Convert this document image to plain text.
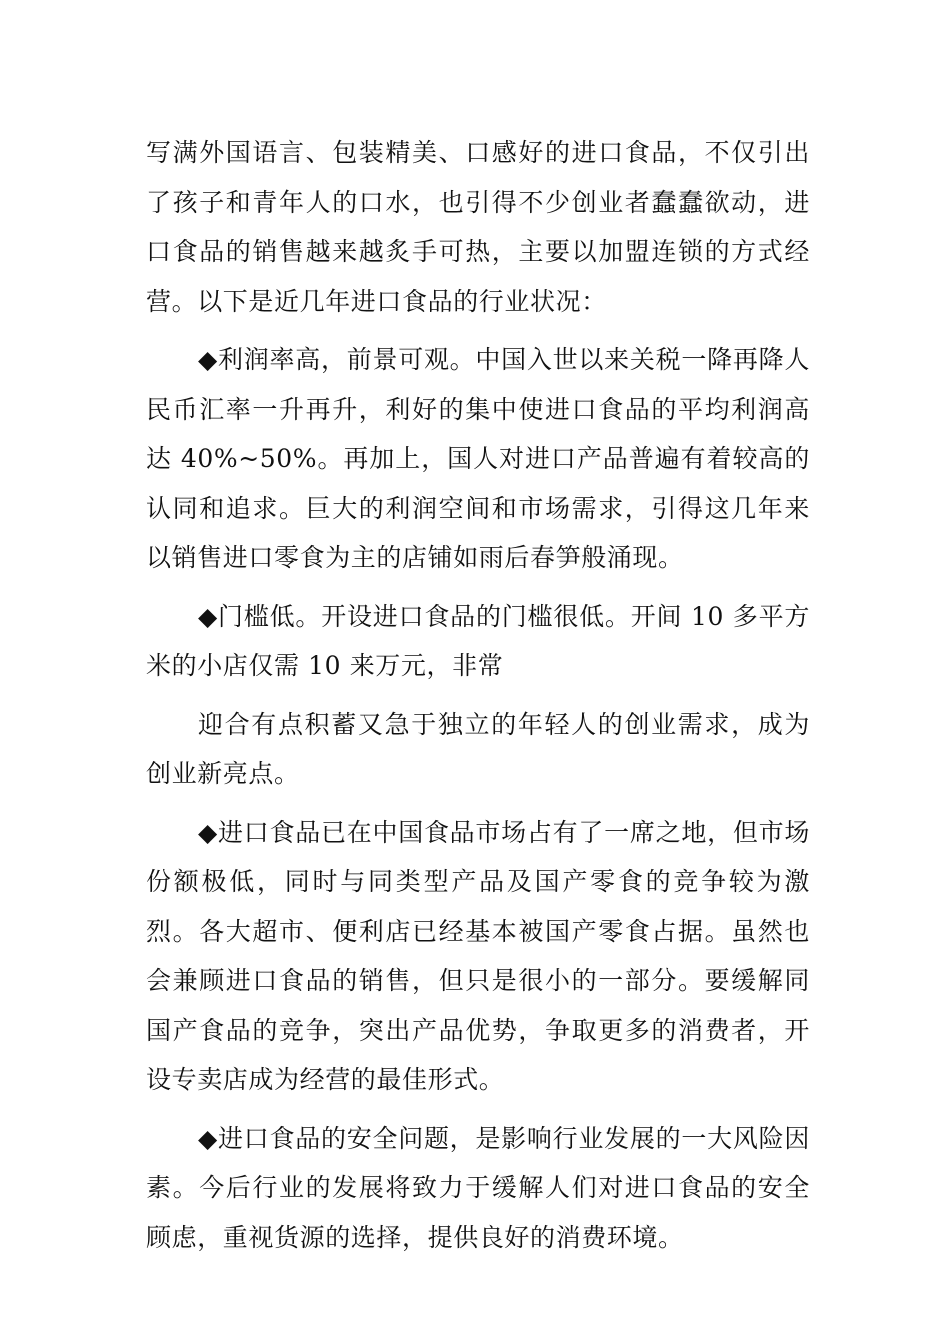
写满外国语言、包装精美、口感好的进口食品，不仅引出了孩子和青年人的口水，也引得不少创业者蠢蠢欲动，进口食品的销售越来越炙手可热，主要以加盟连锁的方式经营。以下是近几年进口食品的行业状况：

◆利润率高，前景可观。中国入世以来关税一降再降人民币汇率一升再升，利好的集中使进口食品的平均利润高达 40%~50%。再加上，国人对进口产品普遍有着较高的认同和追求。巨大的利润空间和市场需求，引得这几年来以销售进口零食为主的店铺如雨后春笋般涌现。

◆门槛低。开设进口食品的门槛很低。开间 10 多平方米的小店仅需 10 来万元，非常

迎合有点积蓄又急于独立的年轻人的创业需求，成为创业新亮点。

◆进口食品已在中国食品市场占有了一席之地，但市场份额极低，同时与同类型产品及国产零食的竞争较为激烈。各大超市、便利店已经基本被国产零食占据。虽然也会兼顾进口食品的销售，但只是很小的一部分。要缓解同国产食品的竞争，突出产品优势，争取更多的消费者，开设专卖店成为经营的最佳形式。

◆进口食品的安全问题，是影响行业发展的一大风险因素。今后行业的发展将致力于缓解人们对进口食品的安全顾虑，重视货源的选择，提供良好的消费环境。
